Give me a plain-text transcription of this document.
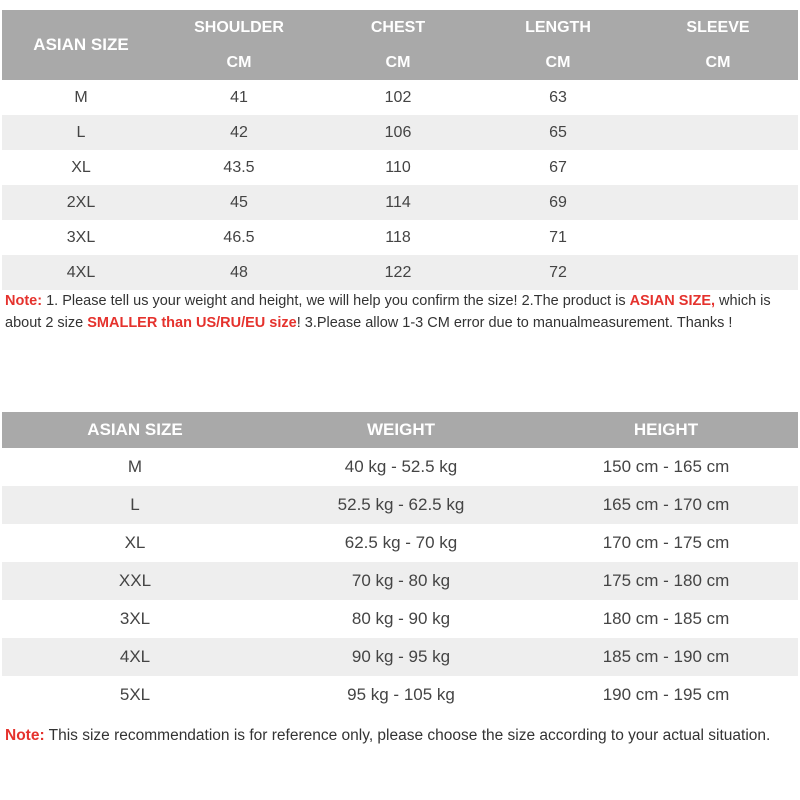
ASIAN SIZE	SHOULDER	CHEST	LENGTH	SLEEVE
	CM	CM	CM	CM
M	41	102	63	
L	42	106	65	
XL	43.5	110	67	
2XL	45	114	69	
3XL	46.5	118	71	
4XL	48	122	72	
Note: 1. Please tell us your weight and height, we will help you confirm the size! 2.The product is ASIAN SIZE, which is about 2 size SMALLER than US/RU/EU size! 3.Please allow 1-3 CM error due to manualmeasurement. Thanks !
ASIAN SIZE	WEIGHT	HEIGHT
M	40 kg - 52.5 kg	150 cm - 165 cm
L	52.5 kg - 62.5 kg	165 cm - 170 cm
XL	62.5 kg - 70 kg	170 cm - 175 cm
XXL	70 kg - 80 kg	175 cm - 180 cm
3XL	80 kg - 90 kg	180 cm - 185 cm
4XL	90 kg - 95 kg	185 cm - 190 cm
5XL	95 kg - 105 kg	190 cm - 195 cm
Note: This size recommendation is for reference only, please choose the size according to your actual situation.
